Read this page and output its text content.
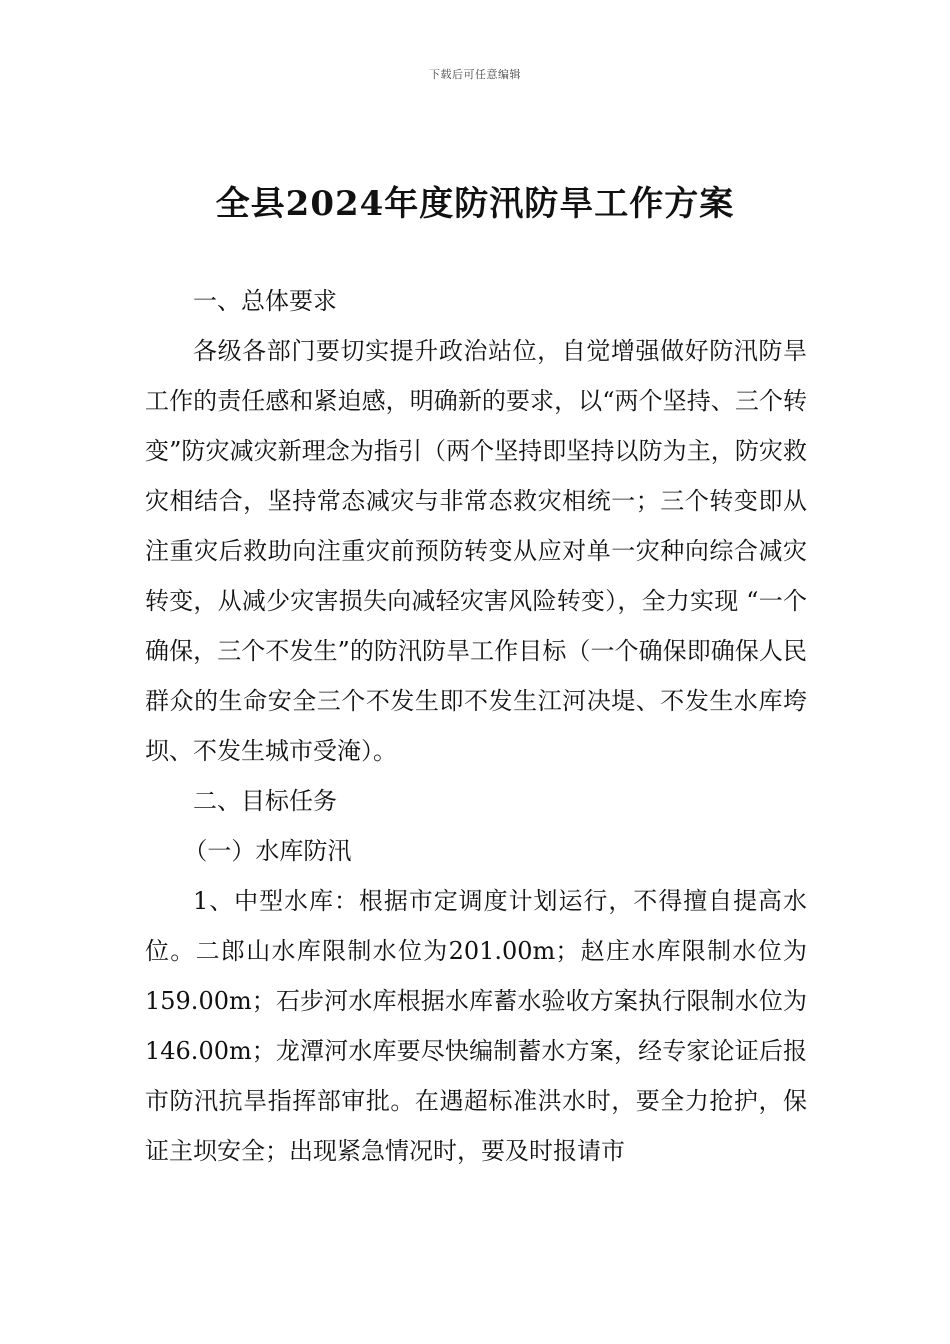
下载后可任意编辑
全县2024年度防汛防旱工作方案

一、总体要求

各级各部门要切实提升政治站位，自觉增强做好防汛防旱工作的责任感和紧迫感，明确新的要求，以“两个坚持、三个转变”防灾减灾新理念为指引（两个坚持即坚持以防为主，防灾救灾相结合，坚持常态减灾与非常态救灾相统一；三个转变即从注重灾后救助向注重灾前预防转变从应对单一灾种向综合减灾转变，从减少灾害损失向减轻灾害风险转变），全力实现 “一个确保，三个不发生”的防汛防旱工作目标（一个确保即确保人民群众的生命安全三个不发生即不发生江河决堤、不发生水库垮坝、不发生城市受淹）。

二、目标任务

（一）水库防汛

1、中型水库：根据市定调度计划运行，不得擅自提高水位。二郎山水库限制水位为201.00m；赵庄水库限制水位为159.00m；石步河水库根据水库蓄水验收方案执行限制水位为146.00m；龙潭河水库要尽快编制蓄水方案，经专家论证后报市防汛抗旱指挥部审批。在遇超标准洪水时，要全力抢护，保证主坝安全；出现紧急情况时，要及时报请市
